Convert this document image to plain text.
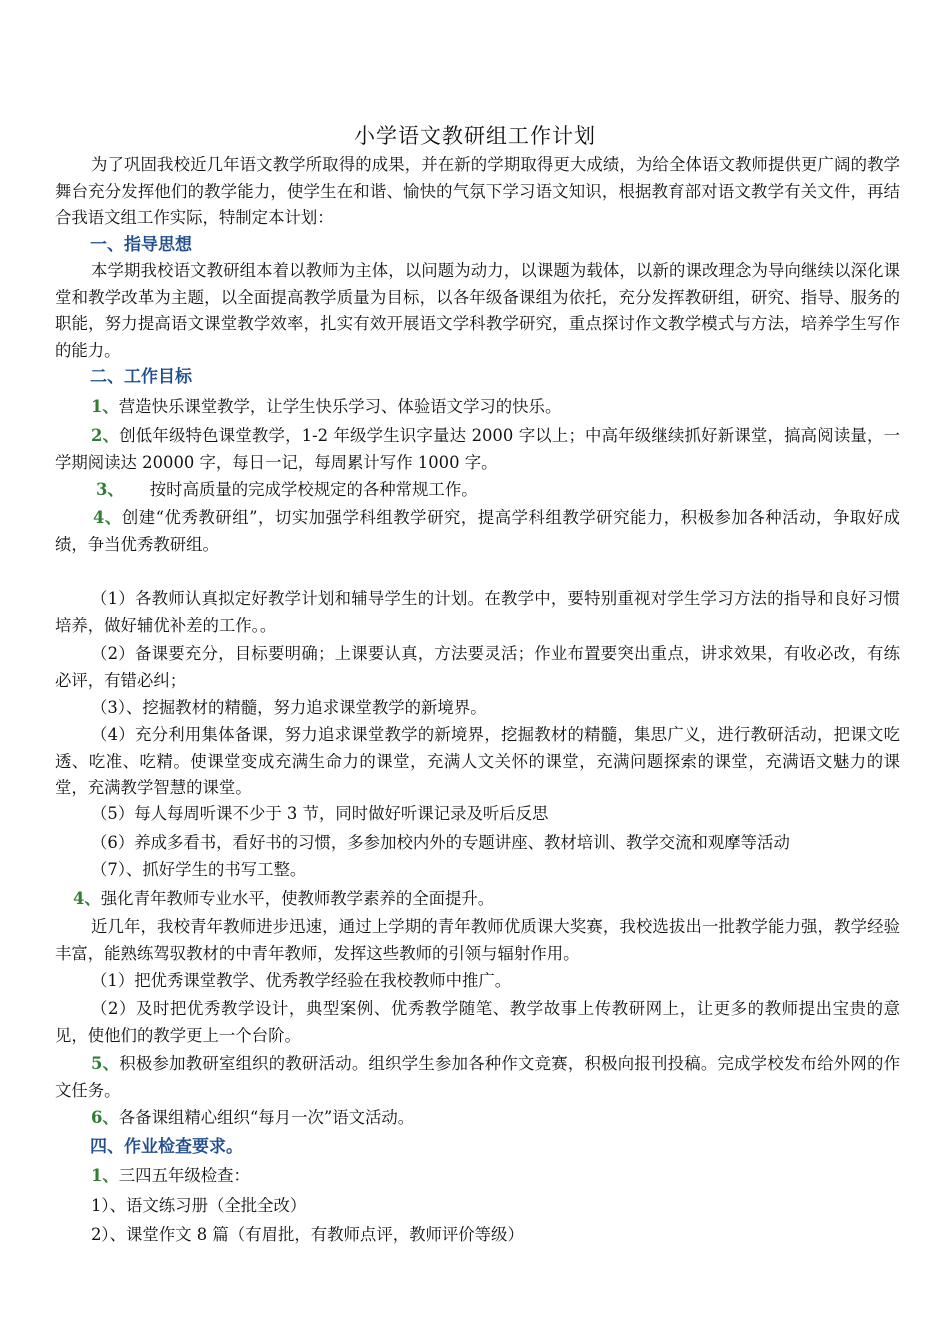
小学语文教研组工作计划
为了巩固我校近几年语文教学所取得的成果，并在新的学期取得更大成绩，为给全体语文教师提供更广阔的教学舞台充分发挥他们的教学能力，使学生在和谐、愉快的气氛下学习语文知识，根据教育部对语文教学有关文件，再结合我语文组工作实际，特制定本计划：
一、指导思想
本学期我校语文教研组本着以教师为主体，以问题为动力，以课题为载体，以新的课改理念为导向继续以深化课堂和教学改革为主题，以全面提高教学质量为目标，以各年级备课组为依托，充分发挥教研组，研究、指导、服务的职能，努力提高语文课堂教学效率，扎实有效开展语文学科教学研究，重点探讨作文教学模式与方法，培养学生写作的能力。
二、工作目标
1、营造快乐课堂教学，让学生快乐学习、体验语文学习的快乐。
2、创低年级特色课堂教学，1-2 年级学生识字量达 2000 字以上；中高年级继续抓好新课堂，搞高阅读量，一学期阅读达 20000 字，每日一记，每周累计写作 1000 字。
3、 按时高质量的完成学校规定的各种常规工作。
4、创建“优秀教研组”，切实加强学科组教学研究，提高学科组教学研究能力，积极参加各种活动，争取好成绩，争当优秀教研组。
（1）各教师认真拟定好教学计划和辅导学生的计划。在教学中，要特别重视对学生学习方法的指导和良好习惯培养，做好辅优补差的工作。。
（2）备课要充分，目标要明确；上课要认真，方法要灵活；作业布置要突出重点，讲求效果，有收必改，有练必评，有错必纠；
（3）、挖掘教材的精髓，努力追求课堂教学的新境界。
（4）充分利用集体备课，努力追求课堂教学的新境界，挖掘教材的精髓，集思广义，进行教研活动，把课文吃透、吃准、吃精。使课堂变成充满生命力的课堂，充满人文关怀的课堂，充满问题探索的课堂，充满语文魅力的课堂，充满教学智慧的课堂。
（5）每人每周听课不少于 3 节，同时做好听课记录及听后反思
（6）养成多看书，看好书的习惯，多参加校内外的专题讲座、教材培训、教学交流和观摩等活动
（7）、抓好学生的书写工整。
4、强化青年教师专业水平，使教师教学素养的全面提升。
近几年，我校青年教师进步迅速，通过上学期的青年教师优质课大奖赛，我校选拔出一批教学能力强，教学经验丰富，能熟练驾驭教材的中青年教师，发挥这些教师的引领与辐射作用。
（1）把优秀课堂教学、优秀教学经验在我校教师中推广。
（2）及时把优秀教学设计，典型案例、优秀教学随笔、教学故事上传教研网上，让更多的教师提出宝贵的意见，使他们的教学更上一个台阶。
5、积极参加教研室组织的教研活动。组织学生参加各种作文竞赛，积极向报刊投稿。完成学校发布给外网的作文任务。
6、各备课组精心组织“每月一次”语文活动。
四、作业检查要求。
1、三四五年级检查：
1）、语文练习册（全批全改）
2）、课堂作文 8 篇（有眉批，有教师点评，教师评价等级）
